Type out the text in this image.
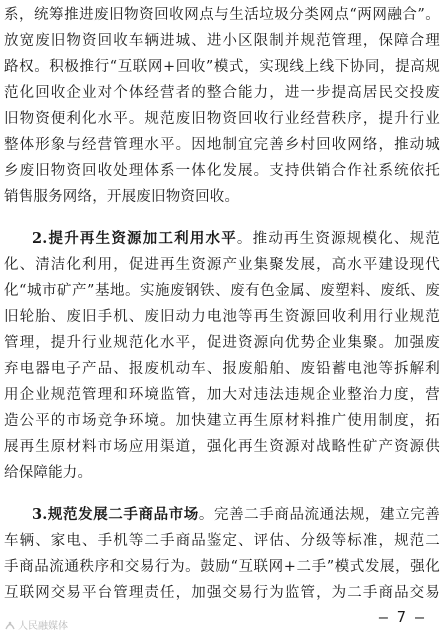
系，统筹推进废旧物资回收网点与生活垃圾分类网点“两网融合”。
放宽废旧物资回收车辆进城、进小区限制并规范管理，保障合理
路权。积极推行“互联网+回收”模式，实现线上线下协同，提高规
范化回收企业对个体经营者的整合能力，进一步提高居民交投废
旧物资便利化水平。规范废旧物资回收行业经营秩序，提升行业
整体形象与经营管理水平。因地制宜完善乡村回收网络，推动城
乡废旧物资回收处理体系一体化发展。支持供销合作社系统依托
销售服务网络，开展废旧物资回收。
2.提升再生资源加工利用水平。推动再生资源规模化、规范
化、清洁化利用，促进再生资源产业集聚发展，高水平建设现代
化“城市矿产”基地。实施废钢铁、废有色金属、废塑料、废纸、废
旧轮胎、废旧手机、废旧动力电池等再生资源回收利用行业规范
管理，提升行业规范化水平，促进资源向优势企业集聚。加强废
弃电器电子产品、报废机动车、报废船舶、废铅蓄电池等拆解利
用企业规范管理和环境监管，加大对违法违规企业整治力度，营
造公平的市场竞争环境。加快建立再生原材料推广使用制度，拓
展再生原材料市场应用渠道，强化再生资源对战略性矿产资源供
给保障能力。
3.规范发展二手商品市场。完善二手商品流通法规，建立完善
车辆、家电、手机等二手商品鉴定、评估、分级等标准，规范二
手商品流通秩序和交易行为。鼓励“互联网+二手”模式发展，强化
互联网交易平台管理责任，加强交易行为监管，为二手商品交易
人民融媒体
— 7 —
